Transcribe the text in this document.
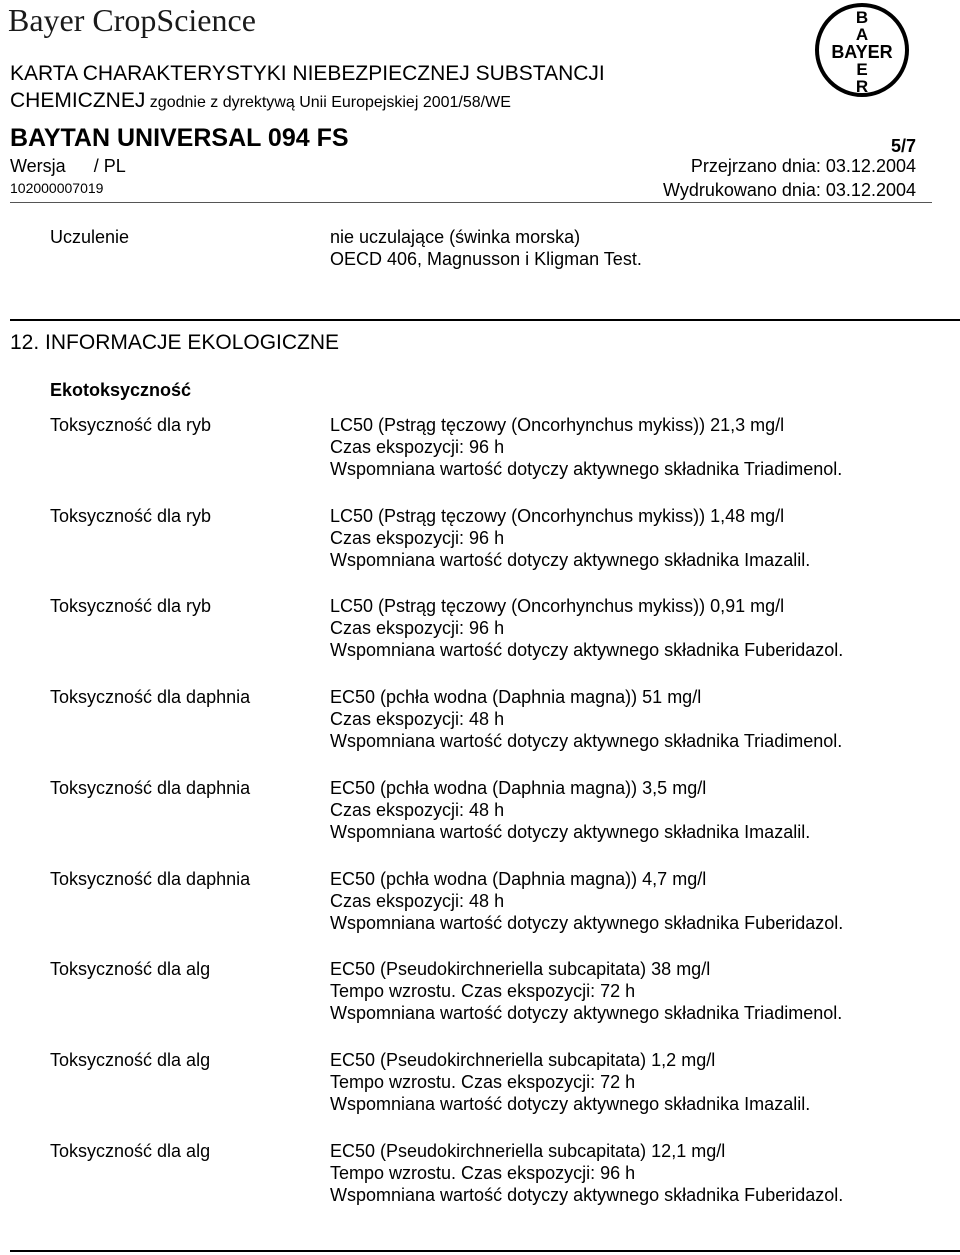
Bayer CropScience
KARTA CHARAKTERYSTYKI NIEBEZPIECZNEJ SUBSTANCJI
CHEMICZNEJ zgodnie z dyrektywą Unii Europejskiej 2001/58/WE
BAYTAN UNIVERSAL 094 FS	5/7
Wersja / PL	Przejrzano dnia: 03.12.2004
102000007019	Wydrukowano dnia: 03.12.2004
B
A
BAYER
E
R
Uczulenie	nie uczulające (świnka morska)
OECD 406, Magnusson i Kligman Test.
12. INFORMACJE EKOLOGICZNE
Ekotoksyczność
Toksyczność dla ryb	LC50 (Pstrąg tęczowy (Oncorhynchus mykiss)) 21,3 mg/l
Czas ekspozycji: 96 h
Wspomniana wartość dotyczy aktywnego składnika Triadimenol.
Toksyczność dla ryb	LC50 (Pstrąg tęczowy (Oncorhynchus mykiss)) 1,48 mg/l
Czas ekspozycji: 96 h
Wspomniana wartość dotyczy aktywnego składnika Imazalil.
Toksyczność dla ryb	LC50 (Pstrąg tęczowy (Oncorhynchus mykiss)) 0,91 mg/l
Czas ekspozycji: 96 h
Wspomniana wartość dotyczy aktywnego składnika Fuberidazol.
Toksyczność dla daphnia	EC50 (pchła wodna (Daphnia magna)) 51 mg/l
Czas ekspozycji: 48 h
Wspomniana wartość dotyczy aktywnego składnika Triadimenol.
Toksyczność dla daphnia	EC50 (pchła wodna (Daphnia magna)) 3,5 mg/l
Czas ekspozycji: 48 h
Wspomniana wartość dotyczy aktywnego składnika Imazalil.
Toksyczność dla daphnia	EC50 (pchła wodna (Daphnia magna)) 4,7 mg/l
Czas ekspozycji: 48 h
Wspomniana wartość dotyczy aktywnego składnika Fuberidazol.
Toksyczność dla alg	EC50 (Pseudokirchneriella subcapitata) 38 mg/l
Tempo wzrostu. Czas ekspozycji: 72 h
Wspomniana wartość dotyczy aktywnego składnika Triadimenol.
Toksyczność dla alg	EC50 (Pseudokirchneriella subcapitata) 1,2 mg/l
Tempo wzrostu. Czas ekspozycji: 72 h
Wspomniana wartość dotyczy aktywnego składnika Imazalil.
Toksyczność dla alg	EC50 (Pseudokirchneriella subcapitata) 12,1 mg/l
Tempo wzrostu. Czas ekspozycji: 96 h
Wspomniana wartość dotyczy aktywnego składnika Fuberidazol.
